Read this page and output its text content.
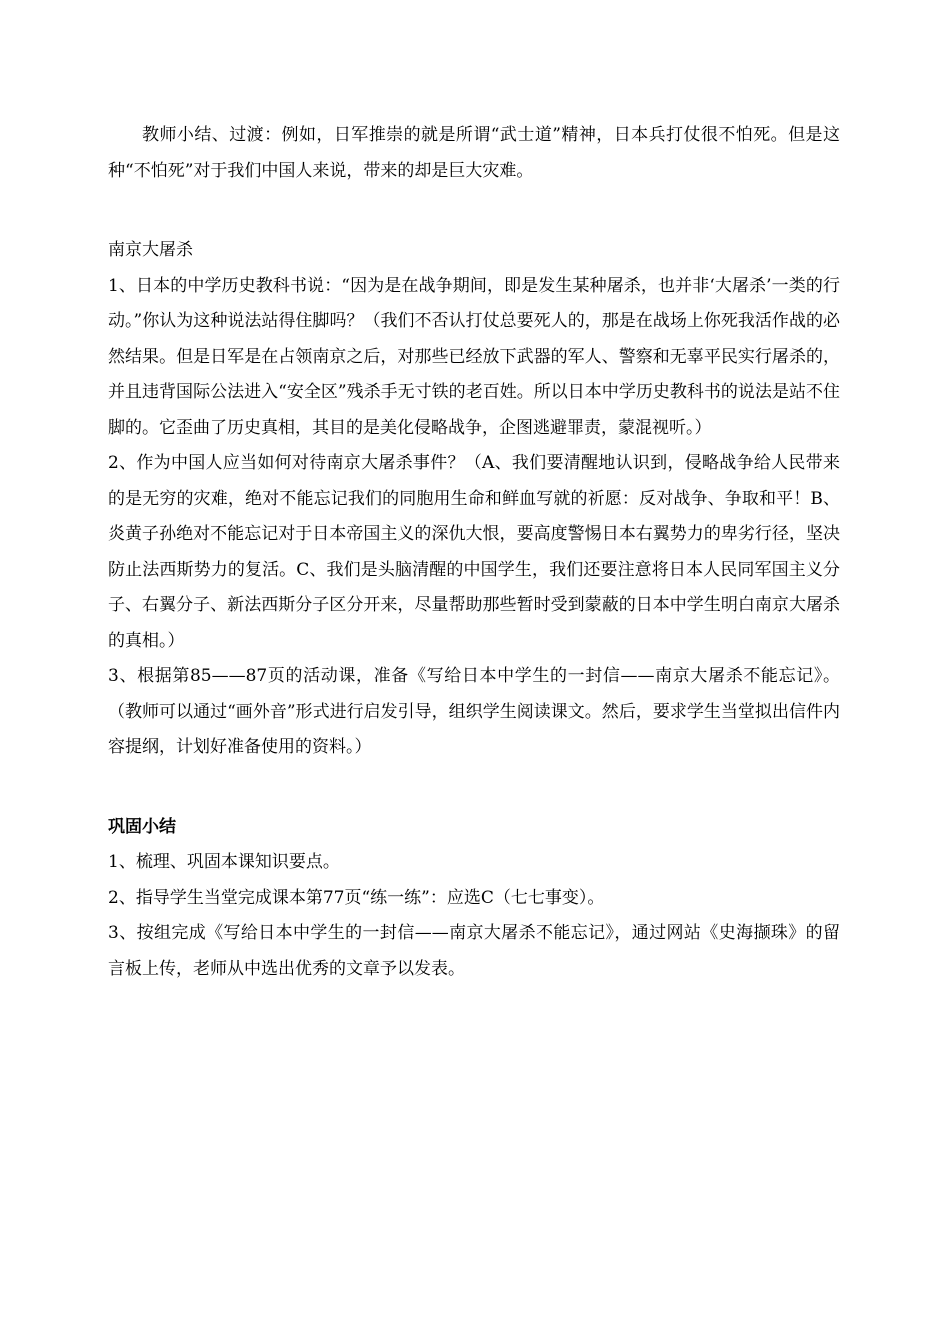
教师小结、过渡：例如，日军推崇的就是所谓“武士道”精神，日本兵打仗很不怕死。但是这种“不怕死”对于我们中国人来说，带来的却是巨大灾难。

南京大屠杀

1、日本的中学历史教科书说：“因为是在战争期间，即是发生某种屠杀，也并非‘大屠杀’一类的行动。”你认为这种说法站得住脚吗？（我们不否认打仗总要死人的，那是在战场上你死我活作战的必然结果。但是日军是在占领南京之后，对那些已经放下武器的军人、警察和无辜平民实行屠杀的，并且违背国际公法进入“安全区”残杀手无寸铁的老百姓。所以日本中学历史教科书的说法是站不住脚的。它歪曲了历史真相，其目的是美化侵略战争，企图逃避罪责，蒙混视听。）

2、作为中国人应当如何对待南京大屠杀事件？（A、我们要清醒地认识到，侵略战争给人民带来的是无穷的灾难，绝对不能忘记我们的同胞用生命和鲜血写就的祈愿：反对战争、争取和平！B、炎黄子孙绝对不能忘记对于日本帝国主义的深仇大恨，要高度警惕日本右翼势力的卑劣行径，坚决防止法西斯势力的复活。C、我们是头脑清醒的中国学生，我们还要注意将日本人民同军国主义分子、右翼分子、新法西斯分子区分开来，尽量帮助那些暂时受到蒙蔽的日本中学生明白南京大屠杀的真相。）

3、根据第85——87页的活动课，准备《写给日本中学生的一封信——南京大屠杀不能忘记》。（教师可以通过“画外音”形式进行启发引导，组织学生阅读课文。然后，要求学生当堂拟出信件内容提纲，计划好准备使用的资料。）

巩固小结

1、梳理、巩固本课知识要点。

2、指导学生当堂完成课本第77页“练一练”：应选C（七七事变）。

3、按组完成《写给日本中学生的一封信——南京大屠杀不能忘记》，通过网站《史海撷珠》的留言板上传，老师从中选出优秀的文章予以发表。
